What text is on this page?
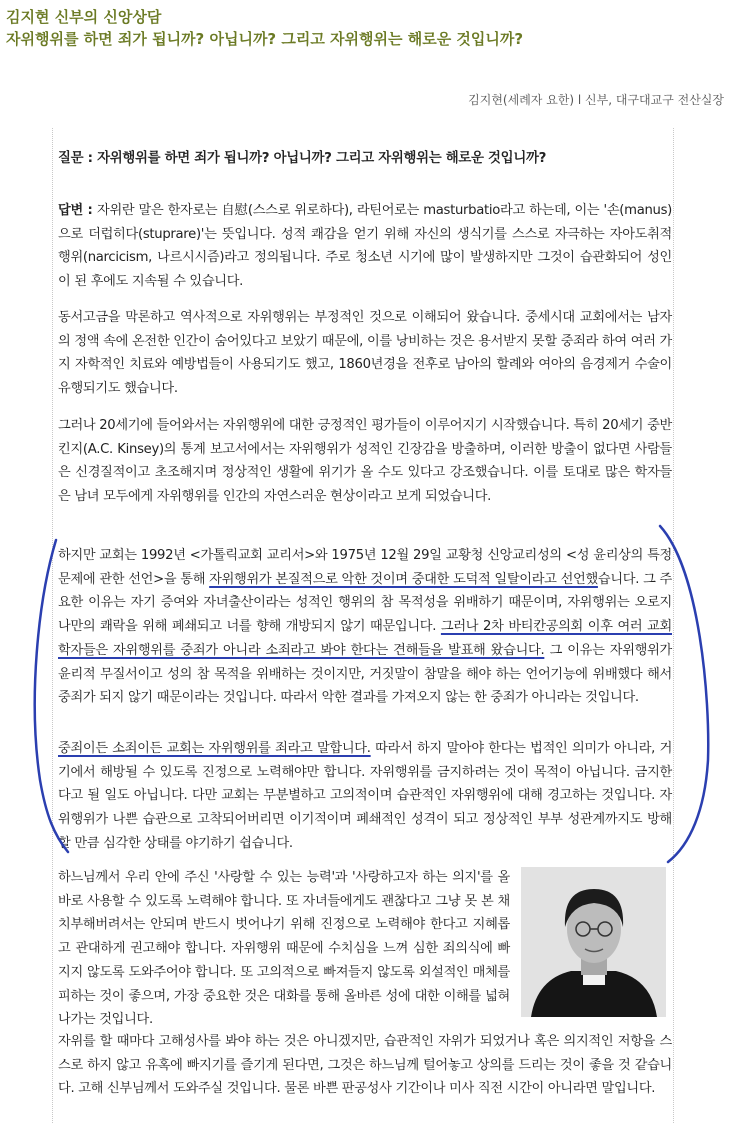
김지현 신부의 신앙상담
자위행위를 하면 죄가 됩니까? 아닙니까? 그리고 자위행위는 해로운 것입니까?
김지현(세례자 요한) l 신부, 대구대교구 전산실장
질문 : 자위행위를 하면 죄가 됩니까? 아닙니까? 그리고 자위행위는 해로운 것입니까?
답변 : 자위란 말은 한자로는 自慰(스스로 위로하다), 라틴어로는 masturbatio라고 하는데, 이는 '손(manus)으로 더럽히다(stuprare)'는 뜻입니다. 성적 쾌감을 얻기 위해 자신의 생식기를 스스로 자극하는 자아도취적 행위(narcicism, 나르시시즘)라고 정의됩니다. 주로 청소년 시기에 많이 발생하지만 그것이 습관화되어 성인이 된 후에도 지속될 수 있습니다.
동서고금을 막론하고 역사적으로 자위행위는 부정적인 것으로 이해되어 왔습니다. 중세시대 교회에서는 남자의 정액 속에 온전한 인간이 숨어있다고 보았기 때문에, 이를 낭비하는 것은 용서받지 못할 중죄라 하여 여러 가지 자학적인 치료와 예방법들이 사용되기도 했고, 1860년경을 전후로 남아의 할례와 여아의 음경제거 수술이 유행되기도 했습니다.
그러나 20세기에 들어와서는 자위행위에 대한 긍정적인 평가들이 이루어지기 시작했습니다. 특히 20세기 중반 킨지(A.C. Kinsey)의 통계 보고서에서는 자위행위가 성적인 긴장감을 방출하며, 이러한 방출이 없다면 사람들은 신경질적이고 초조해지며 정상적인 생활에 위기가 올 수도 있다고 강조했습니다. 이를 토대로 많은 학자들은 남녀 모두에게 자위행위를 인간의 자연스러운 현상이라고 보게 되었습니다.
하지만 교회는 1992년 <가톨릭교회 교리서>와 1975년 12월 29일 교황청 신앙교리성의 <성 윤리상의 특정 문제에 관한 선언>을 통해 자위행위가 본질적으로 악한 것이며 중대한 도덕적 일탈이라고 선언했습니다. 그 주요한 이유는 자기 증여와 자녀출산이라는 성적인 행위의 참 목적성을 위배하기 때문이며, 자위행위는 오로지 나만의 쾌락을 위해 폐쇄되고 너를 향해 개방되지 않기 때문입니다. 그러나 2차 바티칸공의회 이후 여러 교회 학자들은 자위행위를 중죄가 아니라 소죄라고 봐야 한다는 견해들을 발표해 왔습니다. 그 이유는 자위행위가 윤리적 무질서이고 성의 참 목적을 위배하는 것이지만, 거짓말이 참말을 해야 하는 언어기능에 위배했다 해서 중죄가 되지 않기 때문이라는 것입니다. 따라서 악한 결과를 가져오지 않는 한 중죄가 아니라는 것입니다.
중죄이든 소죄이든 교회는 자위행위를 죄라고 말합니다. 따라서 하지 말아야 한다는 법적인 의미가 아니라, 거기에서 해방될 수 있도록 진정으로 노력해야만 합니다. 자위행위를 금지하려는 것이 목적이 아닙니다. 금지한다고 될 일도 아닙니다. 다만 교회는 무분별하고 고의적이며 습관적인 자위행위에 대해 경고하는 것입니다. 자위행위가 나쁜 습관으로 고착되어버리면 이기적이며 폐쇄적인 성격이 되고 정상적인 부부 성관계까지도 방해할 만큼 심각한 상태를 야기하기 쉽습니다.
하느님께서 우리 안에 주신 '사랑할 수 있는 능력'과 '사랑하고자 하는 의지'를 올바로 사용할 수 있도록 노력해야 합니다. 또 자녀들에게도 괜찮다고 그냥 못 본 채 치부해버려서는 안되며 반드시 벗어나기 위해 진정으로 노력해야 한다고 지혜롭고 관대하게 권고해야 합니다. 자위행위 때문에 수치심을 느껴 심한 죄의식에 빠지지 않도록 도와주어야 합니다. 또 고의적으로 빠져들지 않도록 외설적인 매체를 피하는 것이 좋으며, 가장 중요한 것은 대화를 통해 올바른 성에 대한 이해를 넓혀 나가는 것입니다.
자위를 할 때마다 고해성사를 봐야 하는 것은 아니겠지만, 습관적인 자위가 되었거나 혹은 의지적인 저항을 스스로 하지 않고 유혹에 빠지기를 즐기게 된다면, 그것은 하느님께 털어놓고 상의를 드리는 것이 좋을 것 같습니다. 고해 신부님께서 도와주실 것입니다. 물론 바쁜 판공성사 기간이나 미사 직전 시간이 아니라면 말입니다.
